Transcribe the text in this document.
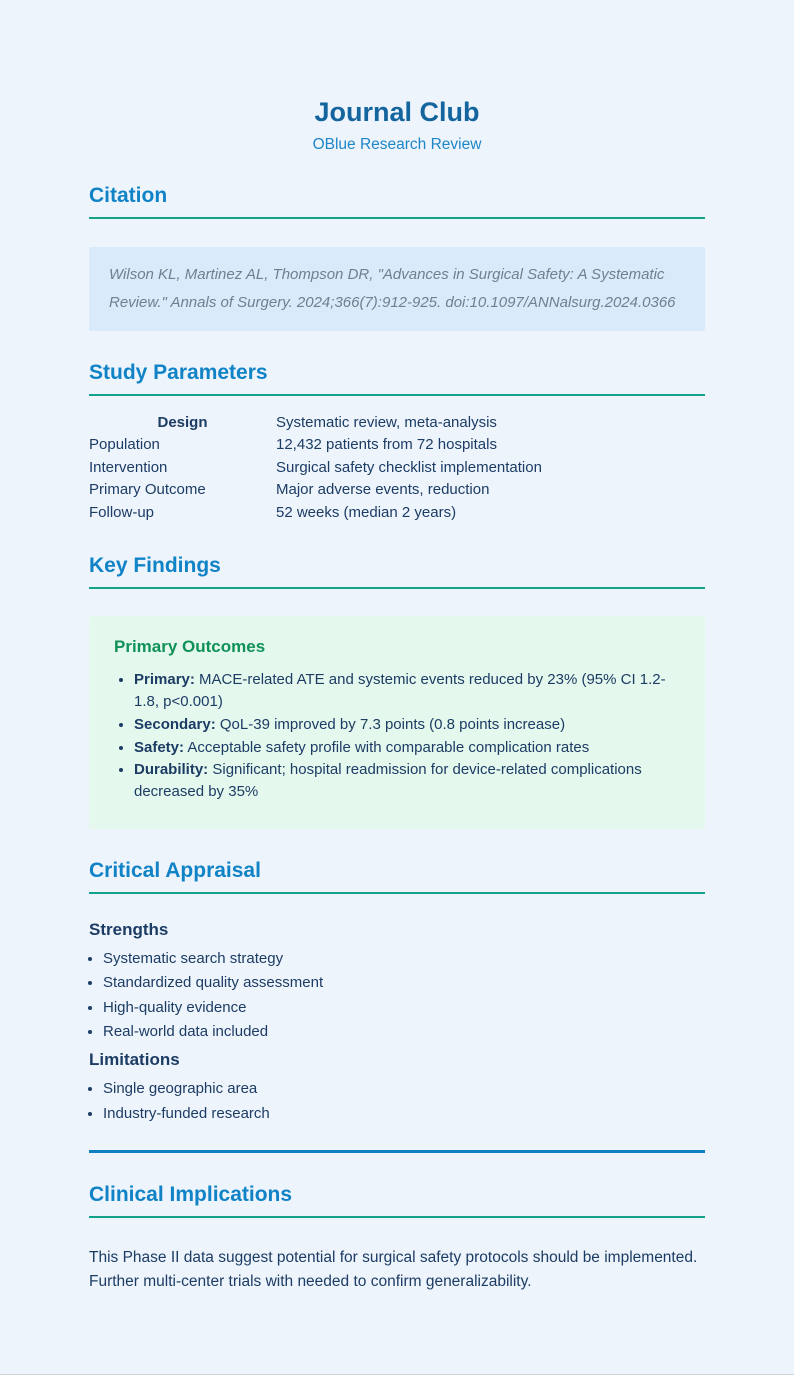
Journal Club
OBlue Research Review
Citation
Wilson KL, Martinez AL, Thompson DR, "Advances in Surgical Safety: A Systematic Review." Annals of Surgery. 2024;366(7):912-925. doi:10.1097/ANNalsurg.2024.0366
Study Parameters
Design	Systematic review, meta-analysis
Population	12,432 patients from 72 hospitals
Intervention	Surgical safety checklist implementation
Primary Outcome	Major adverse events, reduction
Follow-up	52 weeks (median 2 years)
Key Findings
Primary Outcomes
• Primary: MACE-related ATE and systemic events reduced by 23% (95% CI 1.2-1.8, p<0.001)
• Secondary: QoL-39 improved by 7.3 points (0.8 points increase)
• Safety: Acceptable safety profile with comparable complication rates
• Durability: Significant; hospital readmission for device-related complications decreased by 35%
Critical Appraisal
Strengths
• Systematic search strategy
• Standardized quality assessment
• High-quality evidence
• Real-world data included
Limitations
• Single geographic area
• Industry-funded research
Clinical Implications

This Phase II data suggest potential for surgical safety protocols should be implemented. Further multi-center trials with needed to confirm generalizability.
